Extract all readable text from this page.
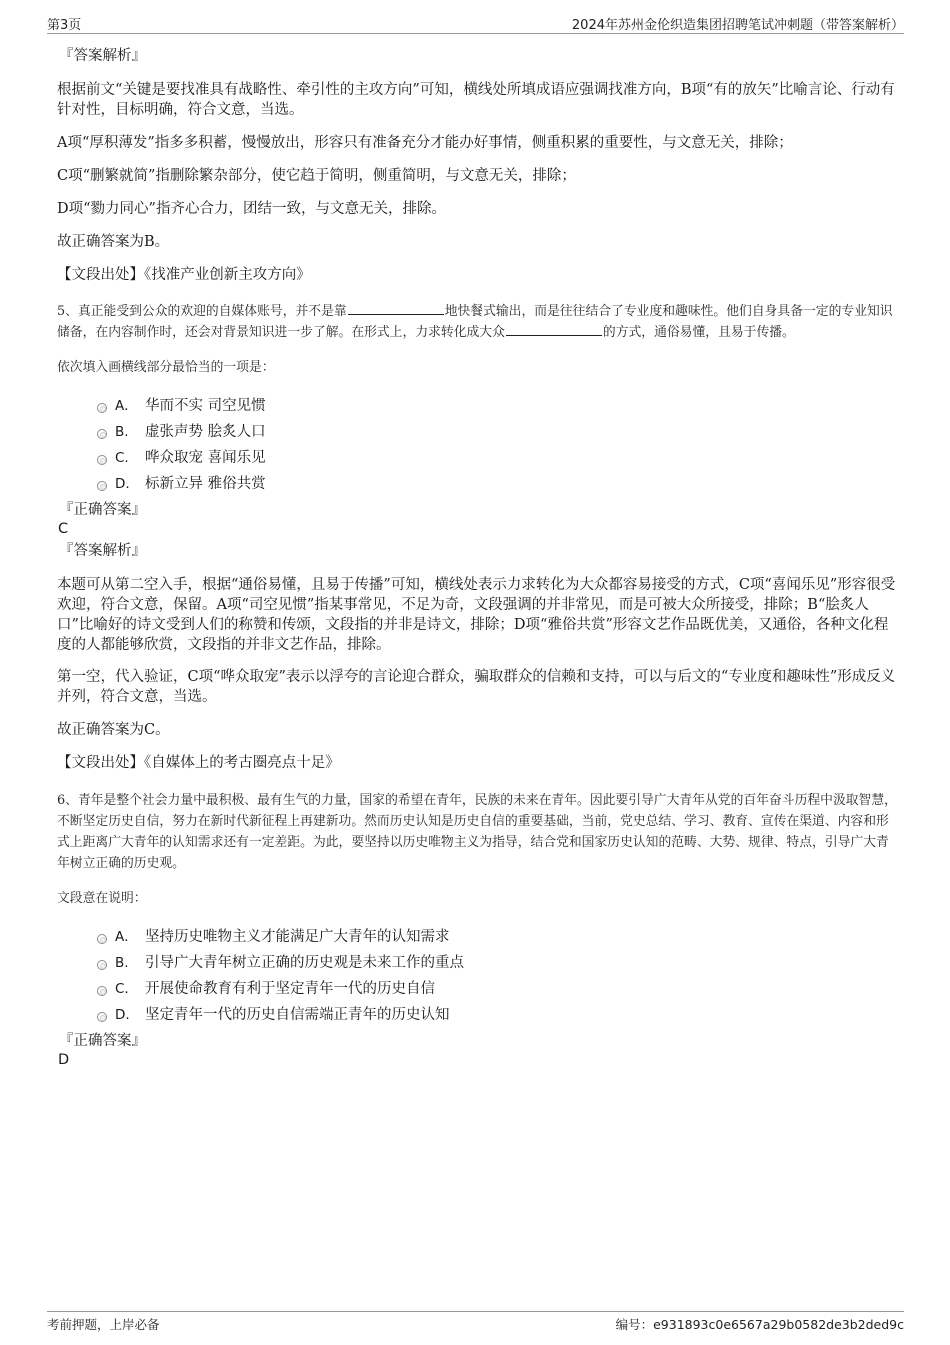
第3页	2024年苏州金伦织造集团招聘笔试冲刺题（带答案解析）
『答案解析』
根据前文“关键是要找准具有战略性、牵引性的主攻方向”可知，横线处所填成语应强调找准方向，B项“有的放矢”比喻言论、行动有针对性，目标明确，符合文意，当选。
A项“厚积薄发”指多多积蓄，慢慢放出，形容只有准备充分才能办好事情，侧重积累的重要性，与文意无关，排除；
C项“删繁就简”指删除繁杂部分，使它趋于简明，侧重简明，与文意无关，排除；
D项“勠力同心”指齐心合力，团结一致，与文意无关，排除。
故正确答案为B。
【文段出处】《找准产业创新主攻方向》
5、真正能受到公众的欢迎的自媒体账号，并不是靠	地快餐式输出，而是往往结合了专业度和趣味性。他们自身具备一定的专业知识储备，在内容制作时，还会对背景知识进一步了解。在形式上，力求转化成大众	的方式，通俗易懂，且易于传播。
依次填入画横线部分最恰当的一项是：
A． 华而不实 司空见惯
B. 虚张声势 脍炙人口
C. 哗众取宠 喜闻乐见
D. 标新立异 雅俗共赏
『正确答案』
C
『答案解析』
本题可从第二空入手，根据“通俗易懂，且易于传播”可知，横线处表示力求转化为大众都容易接受的方式，C项“喜闻乐见”形容很受欢迎，符合文意，保留。A项“司空见惯”指某事常见，不足为奇，文段强调的并非常见，而是可被大众所接受，排除；B“脍炙人口”比喻好的诗文受到人们的称赞和传颂，文段指的并非是诗文，排除；D项“雅俗共赏”形容文艺作品既优美，又通俗，各种文化程度的人都能够欣赏，文段指的并非文艺作品，排除。
第一空，代入验证，C项“哗众取宠”表示以浮夸的言论迎合群众，骗取群众的信赖和支持，可以与后文的“专业度和趣味性”形成反义并列，符合文意，当选。
故正确答案为C。
【文段出处】《自媒体上的考古圈亮点十足》
6、青年是整个社会力量中最积极、最有生气的力量，国家的希望在青年，民族的未来在青年。因此要引导广大青年从党的百年奋斗历程中汲取智慧，不断坚定历史自信，努力在新时代新征程上再建新功。然而历史认知是历史自信的重要基础，当前，党史总结、学习、教育、宣传在渠道、内容和形式上距离广大青年的认知需求还有一定差距。为此，要坚持以历史唯物主义为指导，结合党和国家历史认知的范畴、大势、规律、特点，引导广大青年树立正确的历史观。
文段意在说明：
A． 坚持历史唯物主义才能满足广大青年的认知需求
B. 引导广大青年树立正确的历史观是未来工作的重点
C. 开展使命教育有利于坚定青年一代的历史自信
D. 坚定青年一代的历史自信需端正青年的历史认知
『正确答案』
D
考前押题，上岸必备	编号：e931893c0e6567a29b0582de3b2ded9c
